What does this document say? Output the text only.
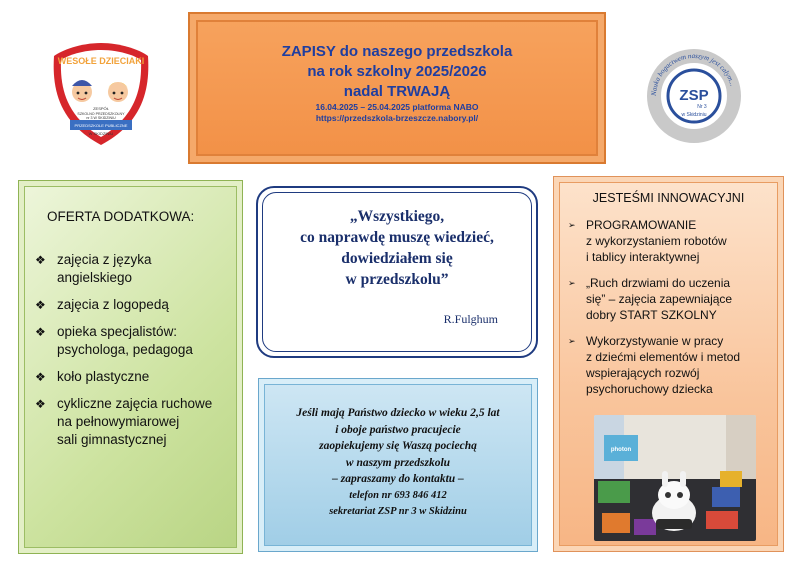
WESOŁE DZIECIAKI
ZESPÓŁ
SZKOLNO PRZEDSZKOLNY
nr 3 W SKIDZINIU
PRZEDSZKOLE PUBLICZNE
W SKIDZINIU
Nauka bogactwem naszym jest całym...
ZSP
Nr 3
w Skidziniu
ZAPISY do naszego przedszkola
na rok szkolny 2025/2026
nadal TRWAJĄ
16.04.2025 – 25.04.2025 platforma NABO
https://przedszkola-brzeszcze.nabory.pl/
OFERTA DODATKOWA:
❖ zajęcia z języka
angielskiego
❖ zajęcia z logopedą
❖ opieka specjalistów:
psychologa, pedagoga
❖ koło plastyczne
❖ cykliczne zajęcia ruchowe
na pełnowymiarowej
sali gimnastycznej
„Wszystkiego,
co naprawdę muszę wiedzieć,
dowiedziałem się
w przedszkolu”
R.Fulghum
Jeśli mają Państwo dziecko w wieku 2,5 lat
i oboje państwo pracujecie
zaopiekujemy się Waszą pociechą
w naszym przedszkolu
– zapraszamy do kontaktu –
telefon nr 693 846 412
sekretariat ZSP nr 3 w Skidzinu
JESTEŚMI INNOWACYJNI
➢ PROGRAMOWANIE
z wykorzystaniem robotów
i tablicy interaktywnej
➢ „Ruch drzwiami do uczenia
się” – zajęcia zapewniające
dobry START SZKOLNY
➢ Wykorzystywanie w pracy
z dziećmi elementów i metod
wspierających rozwój
psychoruchowy dziecka
photon
